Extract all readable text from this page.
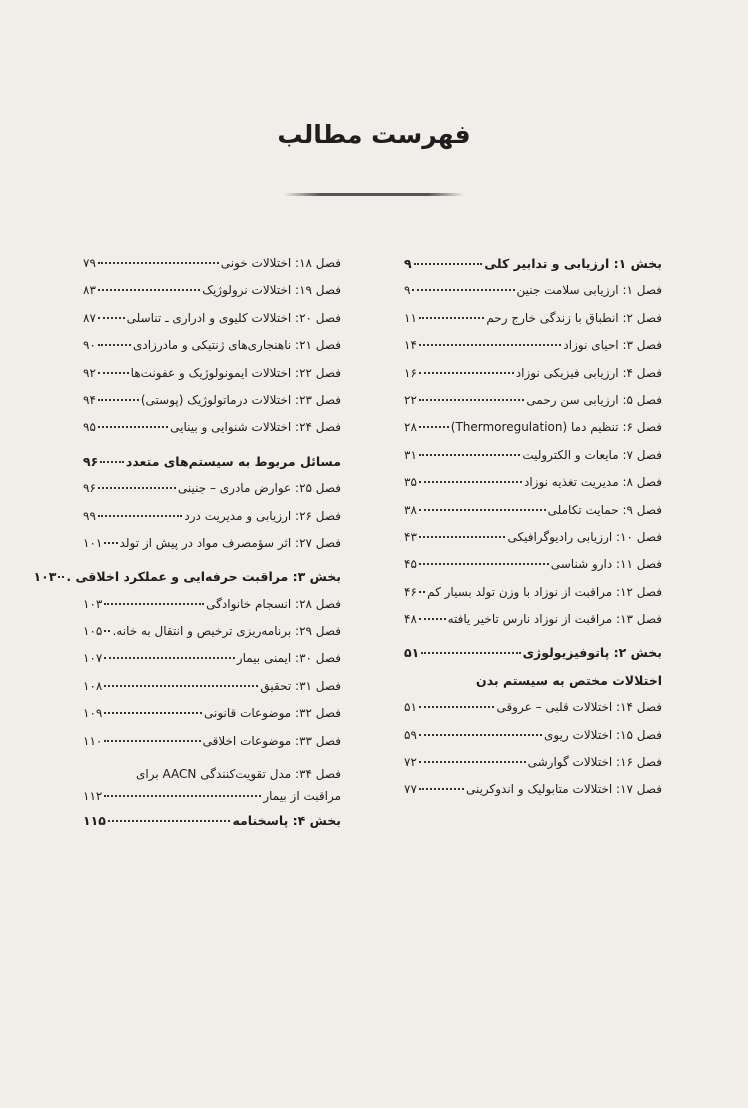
فهرست مطالب
بخش ۱: ارزیابی و تدابیر کلی
۹
فصل ۱: ارزیابی سلامت جنین
۹
فصل ۲: انطباق با زندگی خارج رحم
۱۱
فصل ۳: احیای نوزاد
۱۴
فصل ۴: ارزیابی فیزیکی نوزاد
۱۶
فصل ۵: ارزیابی سن رحمی
۲۲
فصل ۶: تنظیم دما (Thermoregulation)
۲۸
فصل ۷: مایعات و الکترولیت
۳۱
فصل ۸: مدیریت تغذیه نوزاد
۳۵
فصل ۹: حمایت تکاملی
۳۸
فصل ۱۰: ارزیابی رادیوگرافیکی
۴۳
فصل ۱۱: دارو شناسی
۴۵
فصل ۱۲: مراقبت از نوزاد با وزن تولد بسیار کم
۴۶
فصل ۱۳: مراقبت از نوزاد نارس تاخیر یافته
۴۸
بخش ۲: پاتوفیزیولوژی
۵۱
اختلالات مختص به سیستم بدن
فصل ۱۴: اختلالات قلبی – عروقی
۵۱
فصل ۱۵: اختلالات ریوی
۵۹
فصل ۱۶: اختلالات گوارشی
۷۲
فصل ۱۷: اختلالات متابولیک و اندوکرینی
۷۷
فصل ۱۸: اختلالات خونی
۷۹
فصل ۱۹: اختلالات نرولوژیک
۸۳
فصل ۲۰: اختلالات کلیوی و ادراری ـ تناسلی
۸۷
فصل ۲۱: ناهنجاری‌های ژنتیکی و مادرزادی
۹۰
فصل ۲۲: اختلالات ایمونولوژیک و عفونت‌ها
۹۲
فصل ۲۳: اختلالات درماتولوژیک (پوستی)
۹۴
فصل ۲۴: اختلالات شنوایی و بینایی
۹۵
مسائل مربوط به سیستم‌های متعدد
۹۶
فصل ۲۵: عوارض مادری – جنینی
۹۶
فصل ۲۶: ارزیابی و مدیریت درد
۹۹
فصل ۲۷: اثر سؤمصرف مواد در پیش از تولد
۱۰۱
بخش ۳: مراقبت حرفه‌ایی و عملکرد اخلاقی .
۱۰۳
فصل ۲۸: انسجام خانوادگی
۱۰۳
فصل ۲۹: برنامه‌ریزی ترخیص و انتقال به خانه.
۱۰۵
فصل ۳۰: ایمنی بیمار
۱۰۷
فصل ۳۱: تحقیق
۱۰۸
فصل ۳۲: موضوعات قانونی
۱۰۹
فصل ۳۳: موضوعات اخلاقی
۱۱۰
فصل ۳۴: مدل تقویت‌کنندگی AACN برای
مراقبت از بیمار
۱۱۲
بخش ۴: پاسخنامه
۱۱۵
